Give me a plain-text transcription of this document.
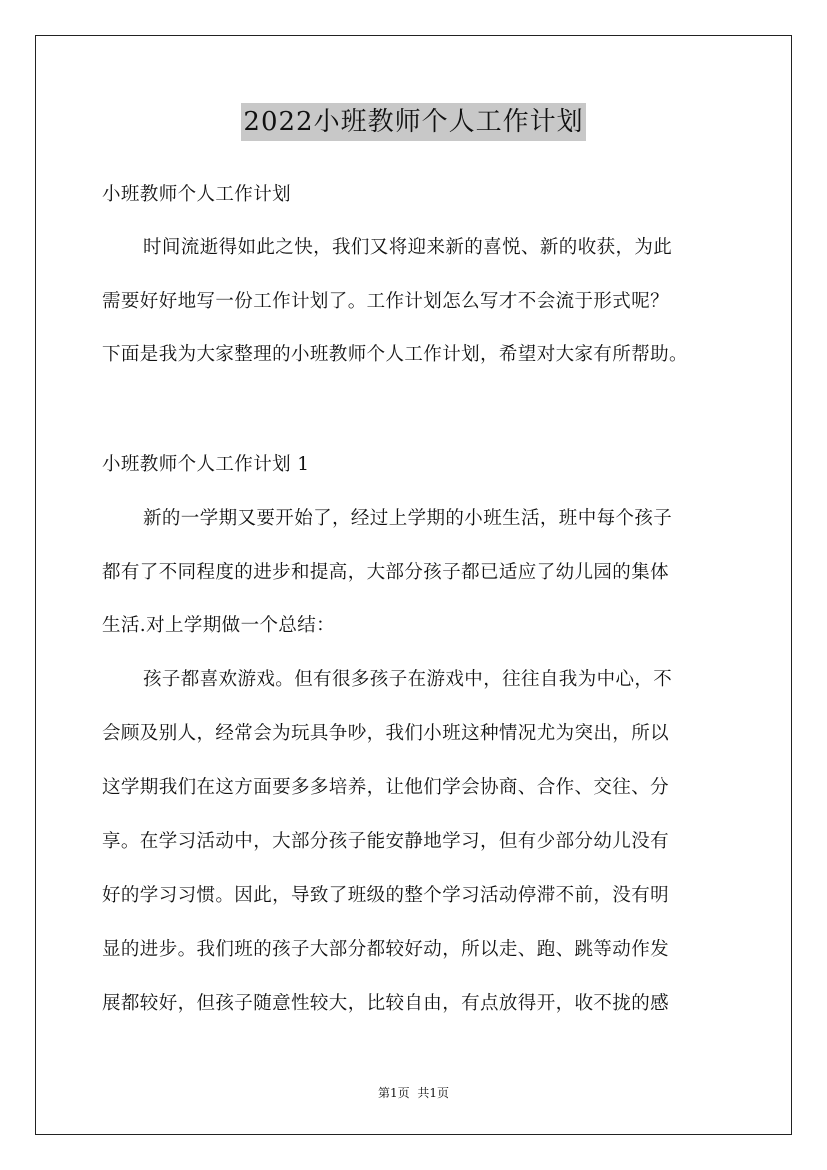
2022小班教师个人工作计划
小班教师个人工作计划
时间流逝得如此之快，我们又将迎来新的喜悦、新的收获，为此
需要好好地写一份工作计划了。工作计划怎么写才不会流于形式呢？
下面是我为大家整理的小班教师个人工作计划，希望对大家有所帮助。
小班教师个人工作计划 1
新的一学期又要开始了，经过上学期的小班生活，班中每个孩子
都有了不同程度的进步和提高，大部分孩子都已适应了幼儿园的集体
生活.对上学期做一个总结：
孩子都喜欢游戏。但有很多孩子在游戏中，往往自我为中心，不
会顾及别人，经常会为玩具争吵，我们小班这种情况尤为突出，所以
这学期我们在这方面要多多培养，让他们学会协商、合作、交往、分
享。在学习活动中，大部分孩子能安静地学习，但有少部分幼儿没有
好的学习习惯。因此，导致了班级的整个学习活动停滞不前，没有明
显的进步。我们班的孩子大部分都较好动，所以走、跑、跳等动作发
展都较好，但孩子随意性较大，比较自由，有点放得开，收不拢的感
第1页 共1页
